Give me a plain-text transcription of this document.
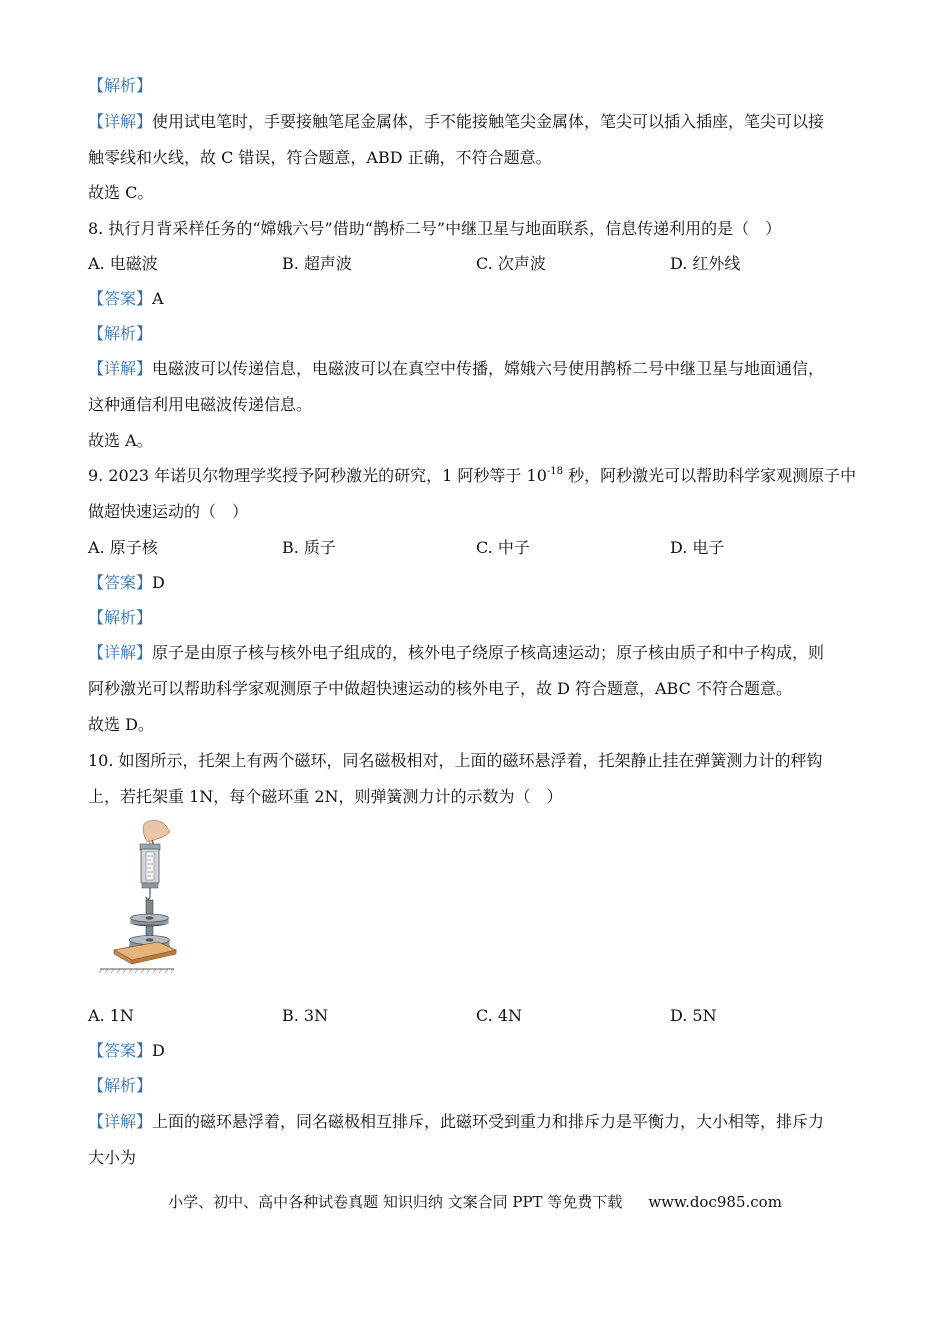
【解析】
【详解】使用试电笔时，手要接触笔尾金属体，手不能接触笔尖金属体，笔尖可以插入插座，笔尖可以接
触零线和火线，故 C 错误，符合题意，ABD 正确，不符合题意。
故选 C。
8. 执行月背采样任务的“嫦娥六号”借助“鹊桥二号”中继卫星与地面联系，信息传递利用的是（　）
A. 电磁波	B. 超声波	C. 次声波	D. 红外线
【答案】A
【解析】
【详解】电磁波可以传递信息，电磁波可以在真空中传播，嫦娥六号使用鹊桥二号中继卫星与地面通信，
这种通信利用电磁波传递信息。
故选 A。
9. 2023 年诺贝尔物理学奖授予阿秒激光的研究，1 阿秒等于 $10^{-18}$ 秒，阿秒激光可以帮助科学家观测原子中
做超快速运动的（　）
A. 原子核	B. 质子	C. 中子	D. 电子
【答案】D
【解析】
【详解】原子是由原子核与核外电子组成的，核外电子绕原子核高速运动；原子核由质子和中子构成，则
阿秒激光可以帮助科学家观测原子中做超快速运动的核外电子，故 D 符合题意，ABC 不符合题意。
故选 D。
10. 如图所示，托架上有两个磁环，同名磁极相对，上面的磁环悬浮着，托架静止挂在弹簧测力计的秤钩
上，若托架重 1N，每个磁环重 2N，则弹簧测力计的示数为（　）
A. 1N	B. 3N	C. 4N	D. 5N
【答案】D
【解析】
【详解】上面的磁环悬浮着，同名磁极相互排斥，此磁环受到重力和排斥力是平衡力，大小相等，排斥力
大小为
小学、初中、高中各种试卷真题 知识归纳 文案合同 PPT 等免费下载 www.doc985.com
